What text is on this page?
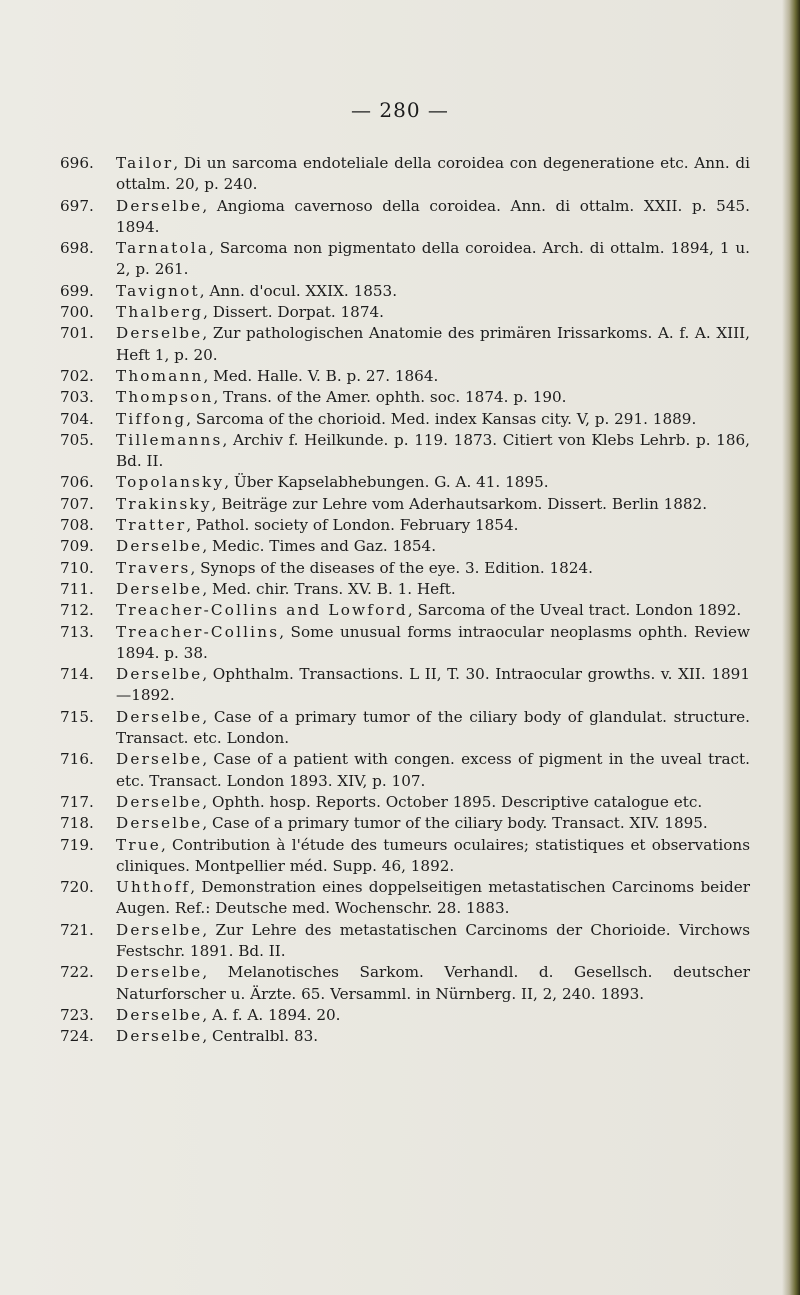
— 280 —
696. Tailor, Di un sarcoma endoteliale della coroidea con degeneratione etc. Ann. di ottalm. 20, p. 240.
697. Derselbe, Angioma cavernoso della coroidea. Ann. di ottalm. XXII. p. 545. 1894.
698. Tarnatola, Sarcoma non pigmentato della coroidea. Arch. di ottalm. 1894, 1 u. 2, p. 261.
699. Tavignot, Ann. d'ocul. XXIX. 1853.
700. Thalberg, Dissert. Dorpat. 1874.
701. Derselbe, Zur pathologischen Anatomie des primären Irissarkoms. A. f. A. XIII, Heft 1, p. 20.
702. Thomann, Med. Halle. V. B. p. 27. 1864.
703. Thompson, Trans. of the Amer. ophth. soc. 1874. p. 190.
704. Tiffong, Sarcoma of the chorioid. Med. index Kansas city. V, p. 291. 1889.
705. Tillemanns, Archiv f. Heilkunde. p. 119. 1873. Citiert von Klebs Lehrb. p. 186, Bd. II.
706. Topolansky, Über Kapselabhebungen. G. A. 41. 1895.
707. Trakinsky, Beiträge zur Lehre vom Aderhautsarkom. Dissert. Berlin 1882.
708. Tratter, Pathol. society of London. February 1854.
709. Derselbe, Medic. Times and Gaz. 1854.
710. Travers, Synops of the diseases of the eye. 3. Edition. 1824.
711. Derselbe, Med. chir. Trans. XV. B. 1. Heft.
712. Treacher-Collins and Lowford, Sarcoma of the Uveal tract. London 1892.
713. Treacher-Collins, Some unusual forms intraocular neoplasms ophth. Review 1894. p. 38.
714. Derselbe, Ophthalm. Transactions. L II, T. 30. Intraocular growths. v. XII. 1891—1892.
715. Derselbe, Case of a primary tumor of the ciliary body of glandulat. structure. Transact. etc. London.
716. Derselbe, Case of a patient with congen. excess of pigment in the uveal tract. etc. Transact. London 1893. XIV, p. 107.
717. Derselbe, Ophth. hosp. Reports. October 1895. Descriptive catalogue etc.
718. Derselbe, Case of a primary tumor of the ciliary body. Transact. XIV. 1895.
719. True, Contribution à l'étude des tumeurs oculaires; statistiques et observations cliniques. Montpellier méd. Supp. 46, 1892.
720. Uhthoff, Demonstration eines doppelseitigen metastatischen Carcinoms beider Augen. Ref.: Deutsche med. Wochenschr. 28. 1883.
721. Derselbe, Zur Lehre des metastatischen Carcinoms der Chorioide. Virchows Festschr. 1891. Bd. II.
722. Derselbe, Melanotisches Sarkom. Verhandl. d. Gesellsch. deutscher Naturforscher u. Ärzte. 65. Versamml. in Nürnberg. II, 2, 240. 1893.
723. Derselbe, A. f. A. 1894. 20.
724. Derselbe, Centralbl. 83.
